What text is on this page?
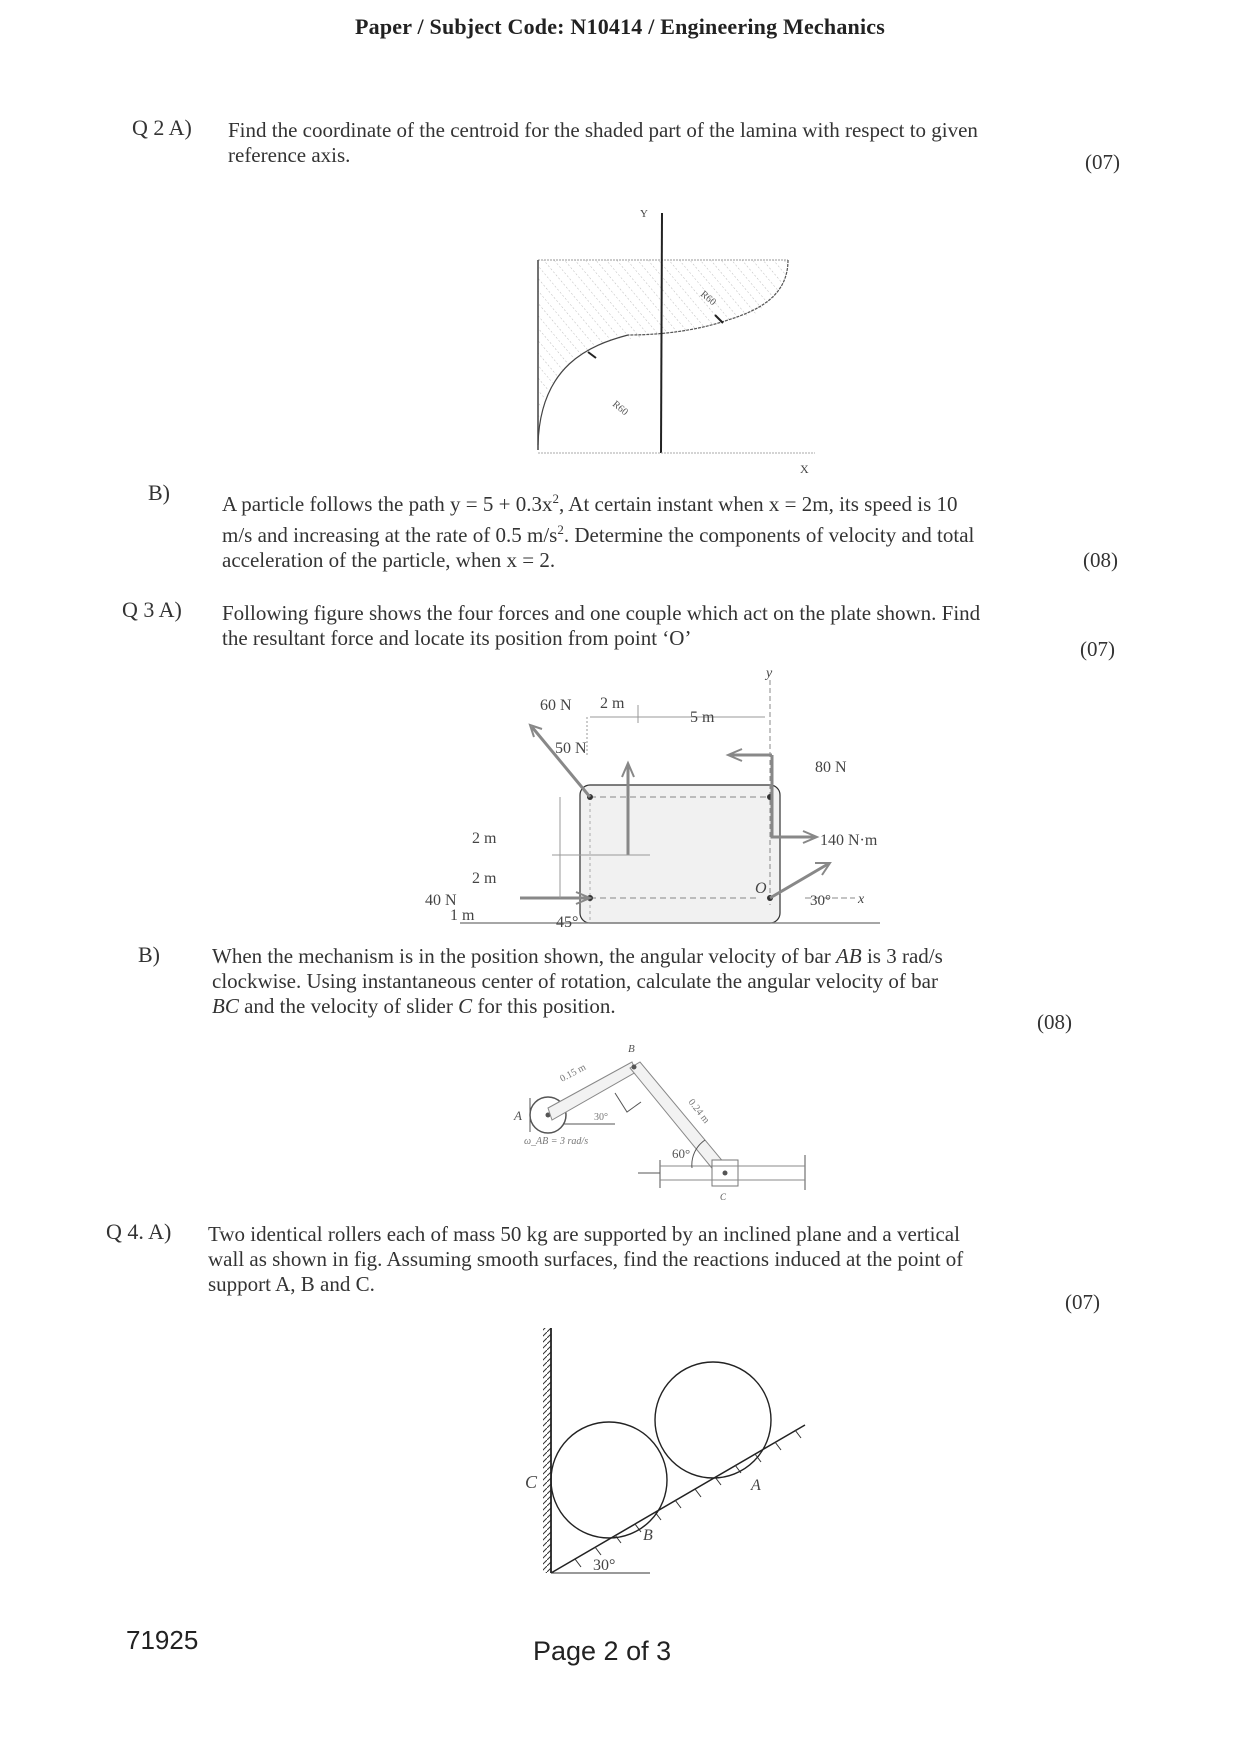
Paper / Subject Code: N10414 / Engineering Mechanics
Q 2 A) Find the coordinate of the centroid for the shaded part of the lamina with respect to given
reference axis.	(07)
Y
X
R60
R60
B) A particle follows the path $y = 5 + 0.3x^2$, At certain instant when x = 2m, its speed is 10
m/s and increasing at the rate of 0.5 $m/s^2$. Determine the components of velocity and total
acceleration of the particle, when x = 2.	(08)
Q 3 A) Following figure shows the four forces and one couple which act on the plate shown. Find
the resultant force and locate its position from point ‘O’	(07)
60 N
50 N
40 N
80 N
140 N·m
45°
30°
2 m
5 m
2 m
2 m
1 m
O
x
y
B) When the mechanism is in the position shown, the angular velocity of bar AB is 3 rad/s
clockwise. Using instantaneous center of rotation, calculate the angular velocity of bar
BC and the velocity of slider C for this position.
(08)
A
B
C
0.15 m
0.24 m
30°
60°
ω_AB = 3 rad/s
Q 4. A) Two identical rollers each of mass 50 kg are supported by an inclined plane and a vertical
wall as shown in fig. Assuming smooth surfaces, find the reactions induced at the point of
support A, B and C.
(07)
C
B
A
30°
71925	Page 2 of 3
